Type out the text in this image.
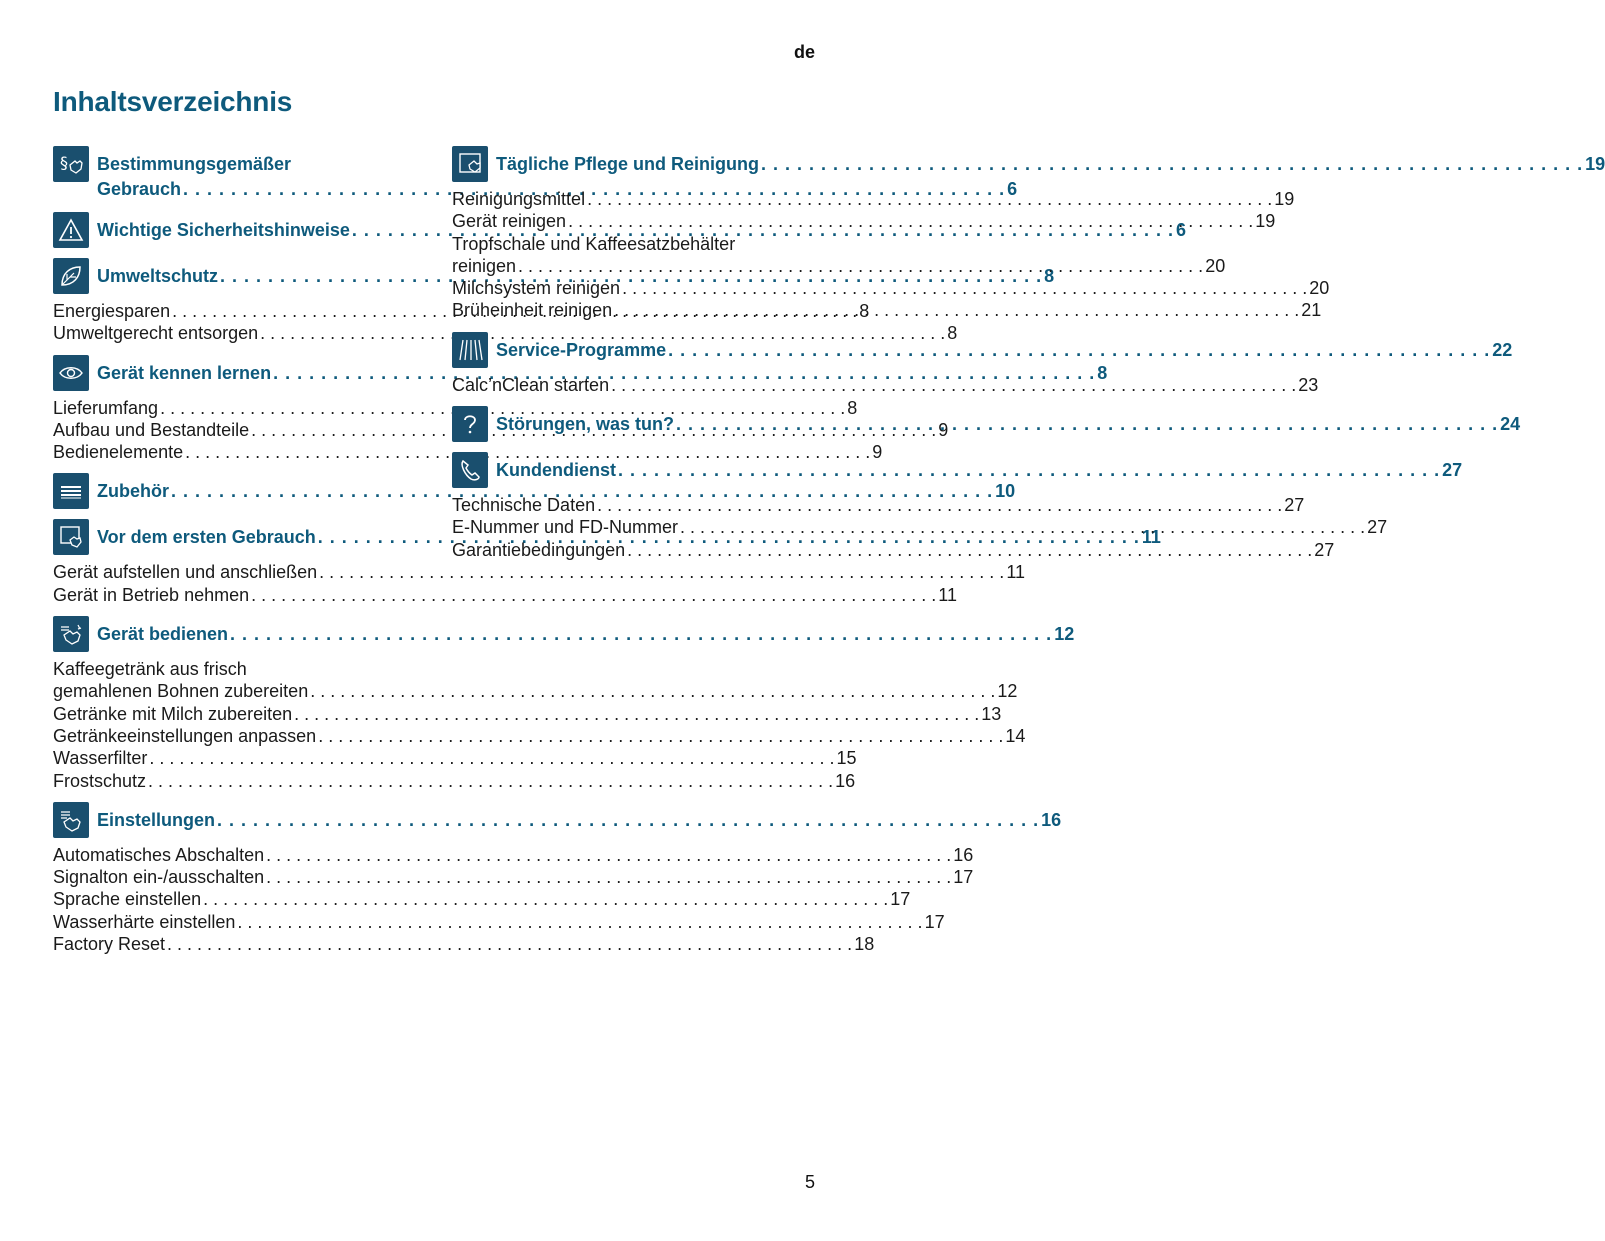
de
Inhaltsverzeichnis
§ Bestimmungsgemäßer
Gebrauch . . .	6
Wichtige Sicherheitshinweise . . .	6
Umweltschutz . . .	8
Energiesparen . . .	8
Umweltgerecht entsorgen . . .	8
Gerät kennen lernen . . .	8
Lieferumfang . . .	8
Aufbau und Bestandteile . . .	9
Bedienelemente . . .	9
Zubehör . . .	10
Vor dem ersten Gebrauch . . .	11
Gerät aufstellen und anschließen . . .	11
Gerät in Betrieb nehmen . . .	11
Gerät bedienen . . .	12
Kaffeegetränk aus frisch
gemahlenen Bohnen zubereiten . . .	12
Getränke mit Milch zubereiten . . .	13
Getränkeeinstellungen anpassen . . .	14
Wasserfilter . . .	15
Frostschutz . . .	16
Einstellungen . . .	16
Automatisches Abschalten . . .	16
Signalton ein-/ausschalten . . .	17
Sprache einstellen . . .	17
Wasserhärte einstellen . . .	17
Factory Reset . . .	18
Tägliche Pflege und Reinigung . . .	19
Reinigungsmittel . . .	19
Gerät reinigen . . .	19
Tropfschale und Kaffeesatzbehälter
reinigen . . .	20
Milchsystem reinigen . . .	20
Brüheinheit reinigen . . .	21
Service-Programme . . .	22
Calc’nClean starten . . .	23
Störungen, was tun? . . .	24
Kundendienst . . .	27
Technische Daten . . .	27
E-Nummer und FD-Nummer . . .	27
Garantiebedingungen . . .	27
5
